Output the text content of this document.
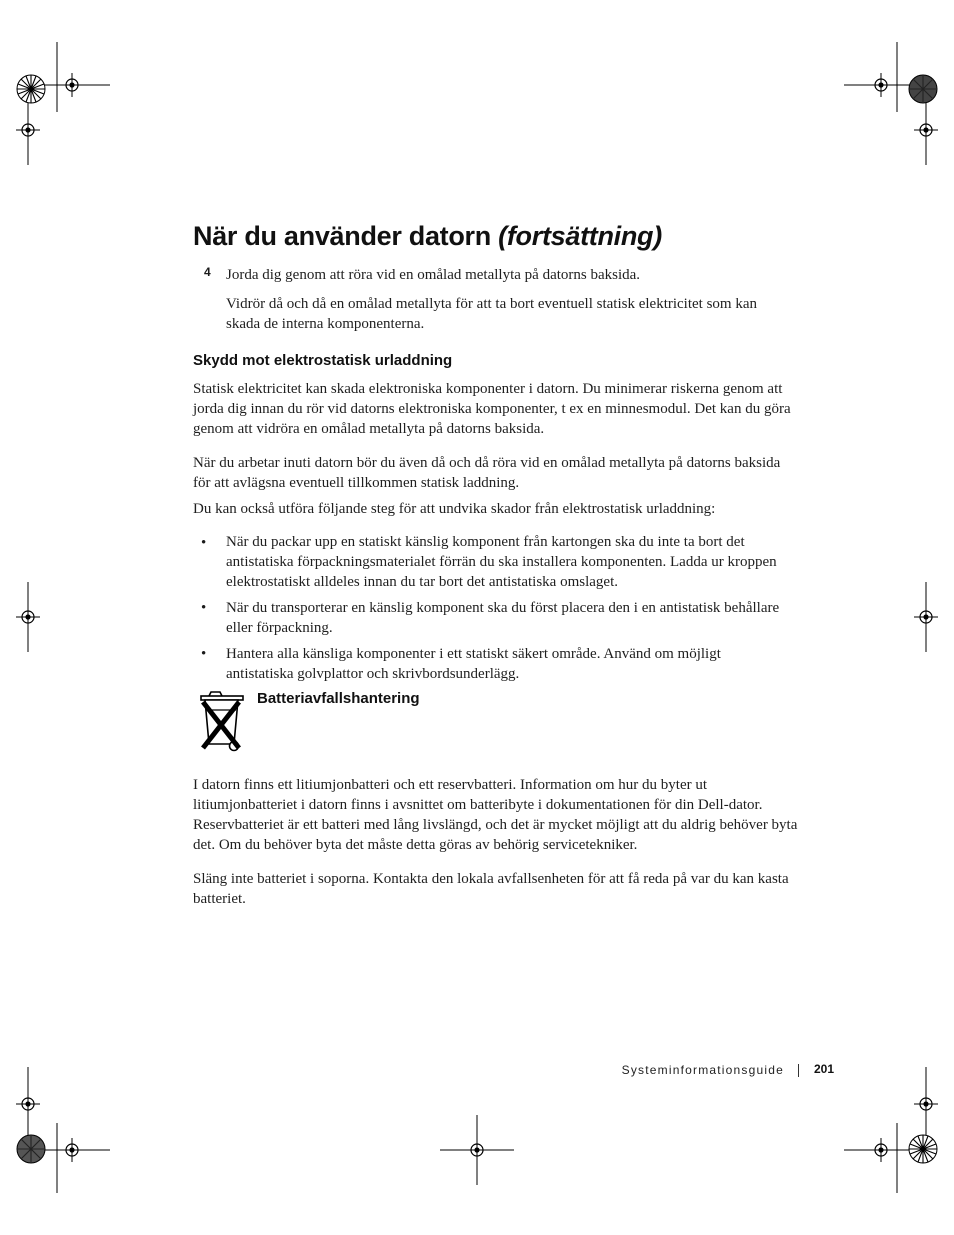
När du använder datorn (fortsättning)
4 Jorda dig genom att röra vid en omålad metallyta på datorns baksida.

Vidrör då och då en omålad metallyta för att ta bort eventuell statisk elektricitet som kan skada de interna komponenterna.

Skydd mot elektrostatisk urladdning

Statisk elektricitet kan skada elektroniska komponenter i datorn. Du minimerar riskerna genom att jorda dig innan du rör vid datorns elektroniska komponenter, t ex en minnesmodul. Det kan du göra genom att vidröra en omålad metallyta på datorns baksida.

När du arbetar inuti datorn bör du även då och då röra vid en omålad metallyta på datorns baksida för att avlägsna eventuell tillkommen statisk laddning.

Du kan också utföra följande steg för att undvika skador från elektrostatisk urladdning:

• När du packar upp en statiskt känslig komponent från kartongen ska du inte ta bort det antistatiska förpackningsmaterialet förrän du ska installera komponenten. Ladda ur kroppen elektrostatiskt alldeles innan du tar bort det antistatiska omslaget.

• När du transporterar en känslig komponent ska du först placera den i en antistatisk behållare eller förpackning.

• Hantera alla känsliga komponenter i ett statiskt säkert område. Använd om möjligt antistatiska golvplattor och skrivbordsunderlägg.

Batteriavfallshantering

I datorn finns ett litiumjonbatteri och ett reservbatteri. Information om hur du byter ut litiumjonbatteriet i datorn finns i avsnittet om batteribyte i dokumentationen för din Dell-dator. Reservbatteriet är ett batteri med lång livslängd, och det är mycket möjligt att du aldrig behöver byta det. Om du behöver byta det måste detta göras av behörig servicetekniker.

Släng inte batteriet i soporna. Kontakta den lokala avfallsenheten för att få reda på var du kan kasta batteriet.

Systeminformationsguide	201
